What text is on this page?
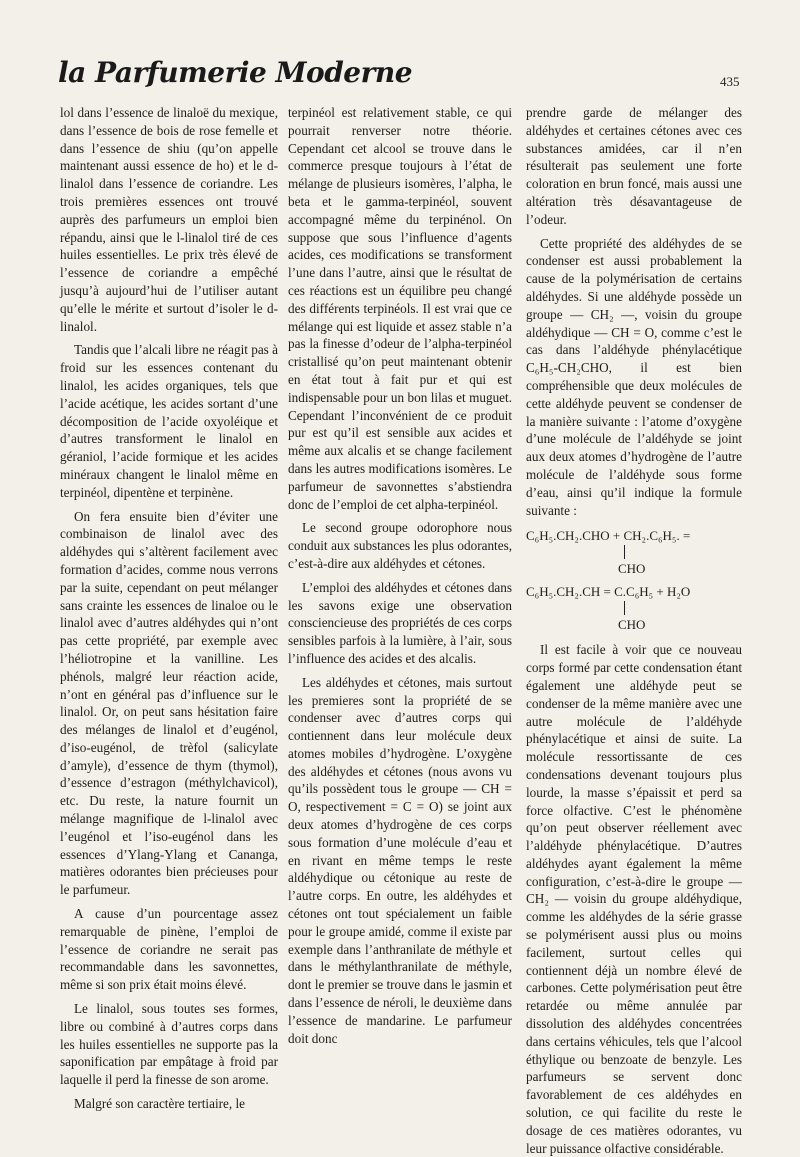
la Parfumerie Moderne	435

lol dans l’essence de linaloë du mexique, dans l’essence de bois de rose femelle et dans l’essence de shiu (qu’on appelle maintenant aussi essence de ho) et le d-linalol dans l’essence de coriandre. Les trois premières essences ont trouvé auprès des parfumeurs un emploi bien répandu, ainsi que le l-linalol tiré de ces huiles essentielles. Le prix très élevé de l’essence de coriandre a empêché jusqu’à aujourd’hui de l’utiliser autant qu’elle le mérite et surtout d’isoler le d-linalol.

Tandis que l’alcali libre ne réagit pas à froid sur les essences contenant du linalol, les acides organiques, tels que l’acide acétique, les acides sortant d’une décomposition de l’acide oxyoléique et d’autres transforment le linalol en géraniol, l’acide formique et les acides minéraux changent le linalol même en terpinéol, dipentène et terpinène.

On fera ensuite bien d’éviter une combinaison de linalol avec des aldéhydes qui s’altèrent facilement avec formation d’acides, comme nous verrons par la suite, cependant on peut mélanger sans crainte les essences de linaloe ou le linalol avec d’autres aldéhydes qui n’ont pas cette propriété, par exemple avec l’héliotropine et la vanilline. Les phénols, malgré leur réaction acide, n’ont en général pas d’influence sur le linalol. Or, on peut sans hésitation faire des mélanges de linalol et d’eugénol, d’iso-eugénol, de trèfol (salicylate d’amyle), d’essence de thym (thymol), d’essence d’estragon (méthylchavicol), etc. Du reste, la nature fournit un mélange magnifique de l-linalol avec l’eugénol et l’iso-eugénol dans les essences d’Ylang-Ylang et Cananga, matières odorantes bien précieuses pour le parfumeur.

A cause d’un pourcentage assez remarquable de pinène, l’emploi de l’essence de coriandre ne serait pas recommandable dans les savonnettes, même si son prix était moins élevé.

Le linalol, sous toutes ses formes, libre ou combiné à d’autres corps dans les huiles essentielles ne supporte pas la saponification par empâtage à froid par laquelle il perd la finesse de son arome.

Malgré son caractère tertiaire, le

terpinéol est relativement stable, ce qui pourrait renverser notre théorie. Cependant cet alcool se trouve dans le commerce presque toujours à l’état de mélange de plusieurs isomères, l’alpha, le beta et le gamma-terpinéol, souvent accompagné même du terpinénol. On suppose que sous l’influence d’agents acides, ces modifications se transforment l’une dans l’autre, ainsi que le résultat de ces réactions est un équilibre peu changé des différents terpinéols. Il est vrai que ce mélange qui est liquide et assez stable n’a pas la finesse d’odeur de l’alpha-terpinéol cristallisé qu’on peut maintenant obtenir en état tout à fait pur et qui est indispensable pour un bon lilas et muguet. Cependant l’inconvénient de ce produit pur est qu’il est sensible aux acides et même aux alcalis et se change facilement dans les autres modifications isomères. Le parfumeur de savonnettes s’abstiendra donc de l’emploi de cet alpha-terpinéol.

Le second groupe odorophore nous conduit aux substances les plus odorantes, c’est-à-dire aux aldéhydes et cétones.

L’emploi des aldéhydes et cétones dans les savons exige une observation consciencieuse des propriétés de ces corps sensibles parfois à la lumière, à l’air, sous l’influence des acides et des alcalis.

Les aldéhydes et cétones, mais surtout les premieres sont la propriété de se condenser avec d’autres corps qui contiennent dans leur molécule deux atomes mobiles d’hydrogène. L’oxygène des aldéhydes et cétones (nous avons vu qu’ils possèdent tous le groupe — CH = O, respectivement = C = O) se joint aux deux atomes d’hydrogène de ces corps sous formation d’une molécule d’eau et en rivant en même temps le reste aldéhydique ou cétonique au reste de l’autre corps. En outre, les aldéhydes et cétones ont tout spécialement un faible pour le groupe amidé, comme il existe par exemple dans l’anthranilate de méthyle et dans le méthylanthranilate de méthyle, dont le premier se trouve dans le jasmin et dans l’essence de néroli, le deuxième dans l’essence de mandarine. Le parfumeur doit donc

prendre garde de mélanger des aldéhydes et certaines cétones avec ces substances amidées, car il n’en résulterait pas seulement une forte coloration en brun foncé, mais aussi une altération très désavantageuse de l’odeur.

Cette propriété des aldéhydes de se condenser est aussi probablement la cause de la polymérisation de certains aldéhydes. Si une aldéhyde possède un groupe — CH₂ —, voisin du groupe aldéhydique — CH = O, comme c’est le cas dans l’aldéhyde phénylacétique C₆H₅-CH₂CHO, il est bien compréhensible que deux molécules de cette aldéhyde peuvent se condenser de la manière suivante : l’atome d’oxygène d’une molécule de l’aldéhyde se joint aux deux atomes d’hydrogène de l’autre molécule de l’aldéhyde sous forme d’eau, ainsi qu’il indique la formule suivante :

C₆H₅.CH₂.CHO + CH₂.C₆H₅. =
CHO
C₆H₅.CH₂.CH = C.C₆H₅ + H₂O
CHO

Il est facile à voir que ce nouveau corps formé par cette condensation étant également une aldéhyde peut se condenser de la même manière avec une autre molécule de l’aldéhyde phénylacétique et ainsi de suite. La molécule ressortissante de ces condensations devenant toujours plus lourde, la masse s’épaissit et perd sa force olfactive. C’est le phénomène qu’on peut observer réellement avec l’aldéhyde phénylacétique. D’autres aldéhydes ayant également la même configuration, c’est-à-dire le groupe — CH₂ — voisin du groupe aldéhydique, comme les aldéhydes de la série grasse se polymérisent aussi plus ou moins facilement, surtout celles qui contiennent déjà un nombre élevé de carbones. Cette polymérisation peut être retardée ou même annulée par dissolution des aldéhydes concentrées dans certains véhicules, tels que l’alcool éthylique ou benzoate de benzyle. Les parfumeurs se servent donc favorablement de ces aldéhydes en solution, ce qui facilite du reste le dosage de ces matières odorantes, vu leur puissance olfactive considérable.
